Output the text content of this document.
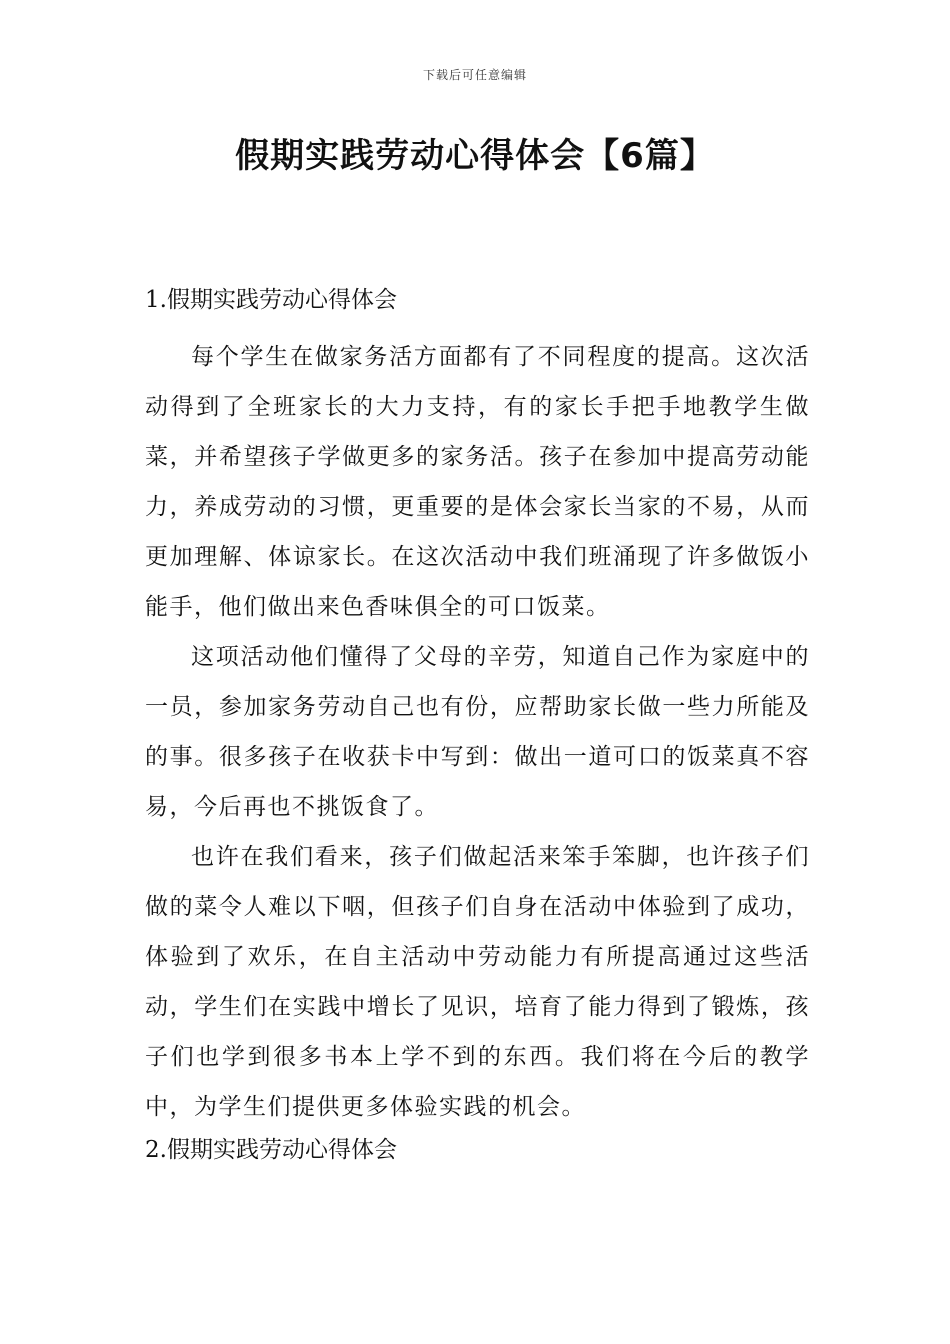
下载后可任意编辑
假期实践劳动心得体会【6篇】
1.假期实践劳动心得体会

每个学生在做家务活方面都有了不同程度的提高。这次活动得到了全班家长的大力支持，有的家长手把手地教学生做菜，并希望孩子学做更多的家务活。孩子在参加中提高劳动能力，养成劳动的习惯，更重要的是体会家长当家的不易，从而更加理解、体谅家长。在这次活动中我们班涌现了许多做饭小能手，他们做出来色香味俱全的可口饭菜。

这项活动他们懂得了父母的辛劳，知道自己作为家庭中的一员，参加家务劳动自己也有份，应帮助家长做一些力所能及的事。很多孩子在收获卡中写到：做出一道可口的饭菜真不容易，今后再也不挑饭食了。

也许在我们看来，孩子们做起活来笨手笨脚，也许孩子们做的菜令人难以下咽，但孩子们自身在活动中体验到了成功，体验到了欢乐，在自主活动中劳动能力有所提高通过这些活动，学生们在实践中增长了见识，培育了能力得到了锻炼，孩子们也学到很多书本上学不到的东西。我们将在今后的教学中，为学生们提供更多体验实践的机会。

2.假期实践劳动心得体会
